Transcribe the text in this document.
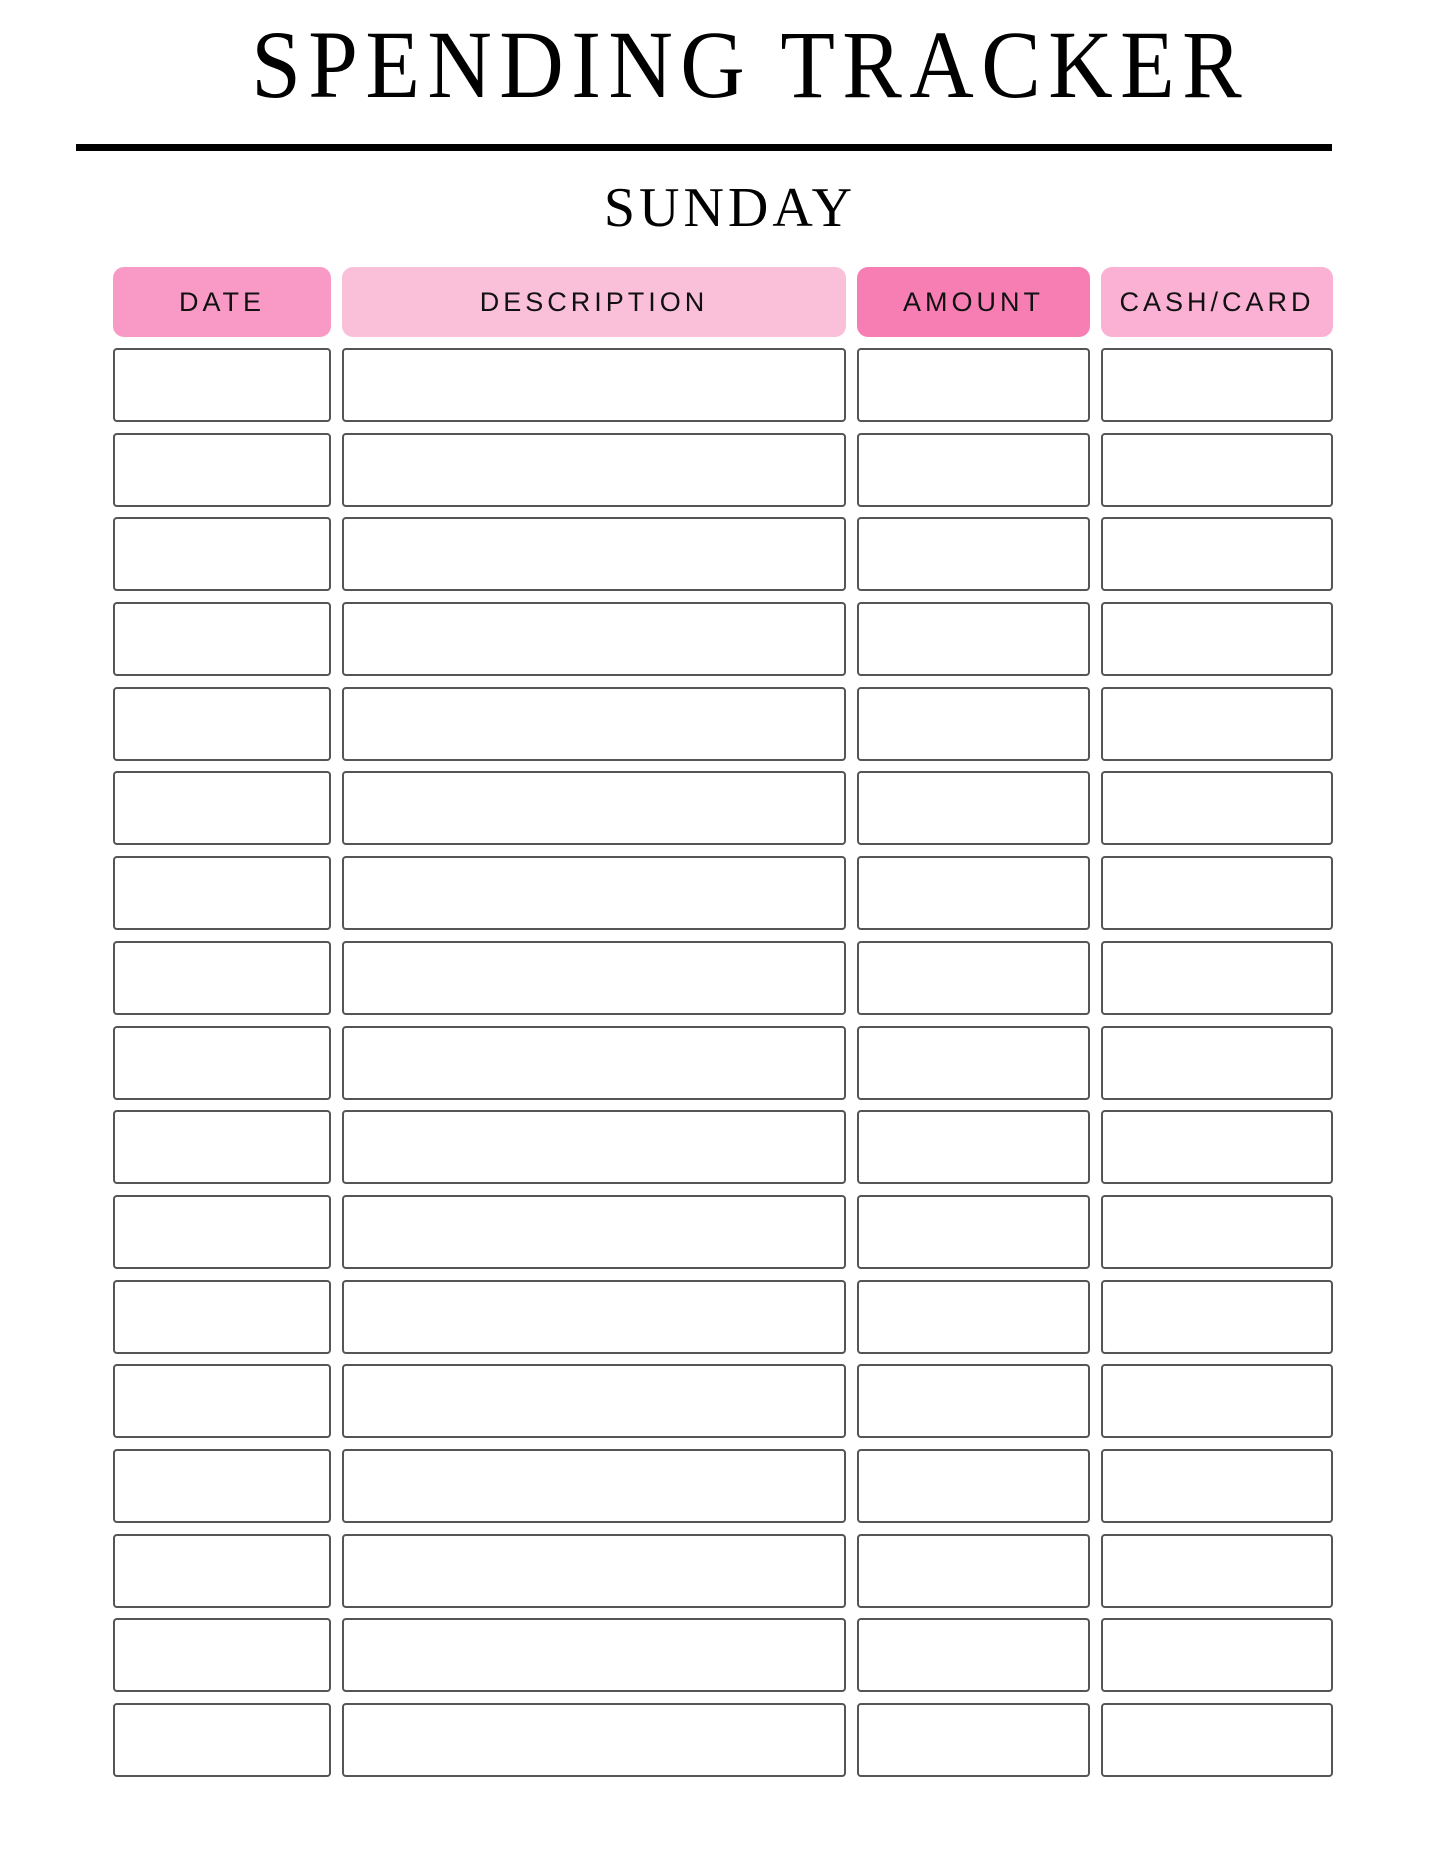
SPENDING TRACKER
SUNDAY
DATE	DESCRIPTION	AMOUNT	CASH/CARD
